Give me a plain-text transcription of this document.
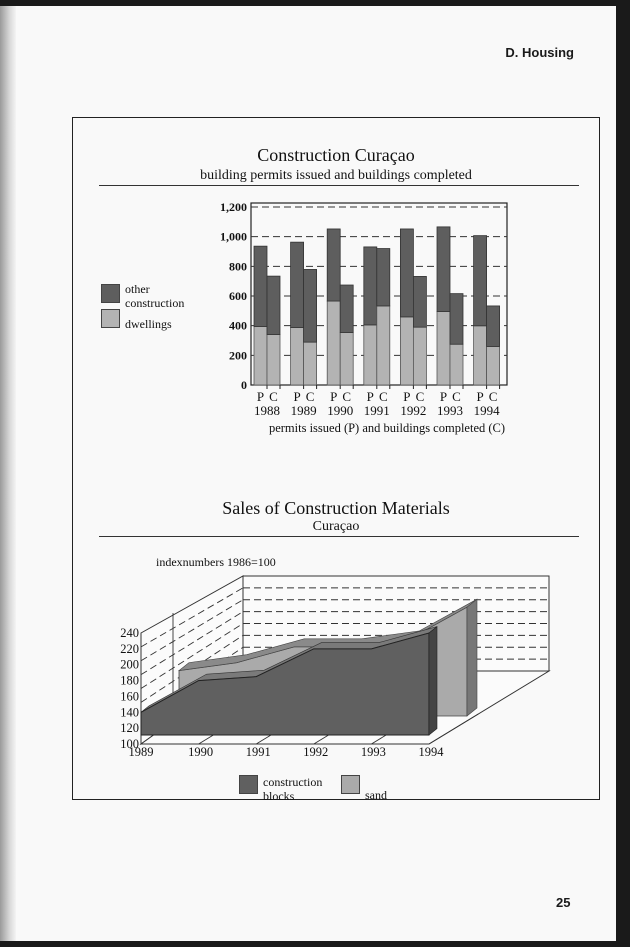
D. Housing
Construction Curaçao
building permits issued and buildings completed
0
200
400
600
800
1,000
1,200
P C
1988
P C
1989
P C
1990
P C
1991
P C
1992
P C
1993
P C
1994
permits issued (P) and buildings completed (C)
other
construction
dwellings
Sales of Construction Materials
Curaçao
indexnumbers 1986=100
100
120
140
160
180
200
220
240
1989	1990	1991	1992	1993	1994
construction
blocks	sand
25
